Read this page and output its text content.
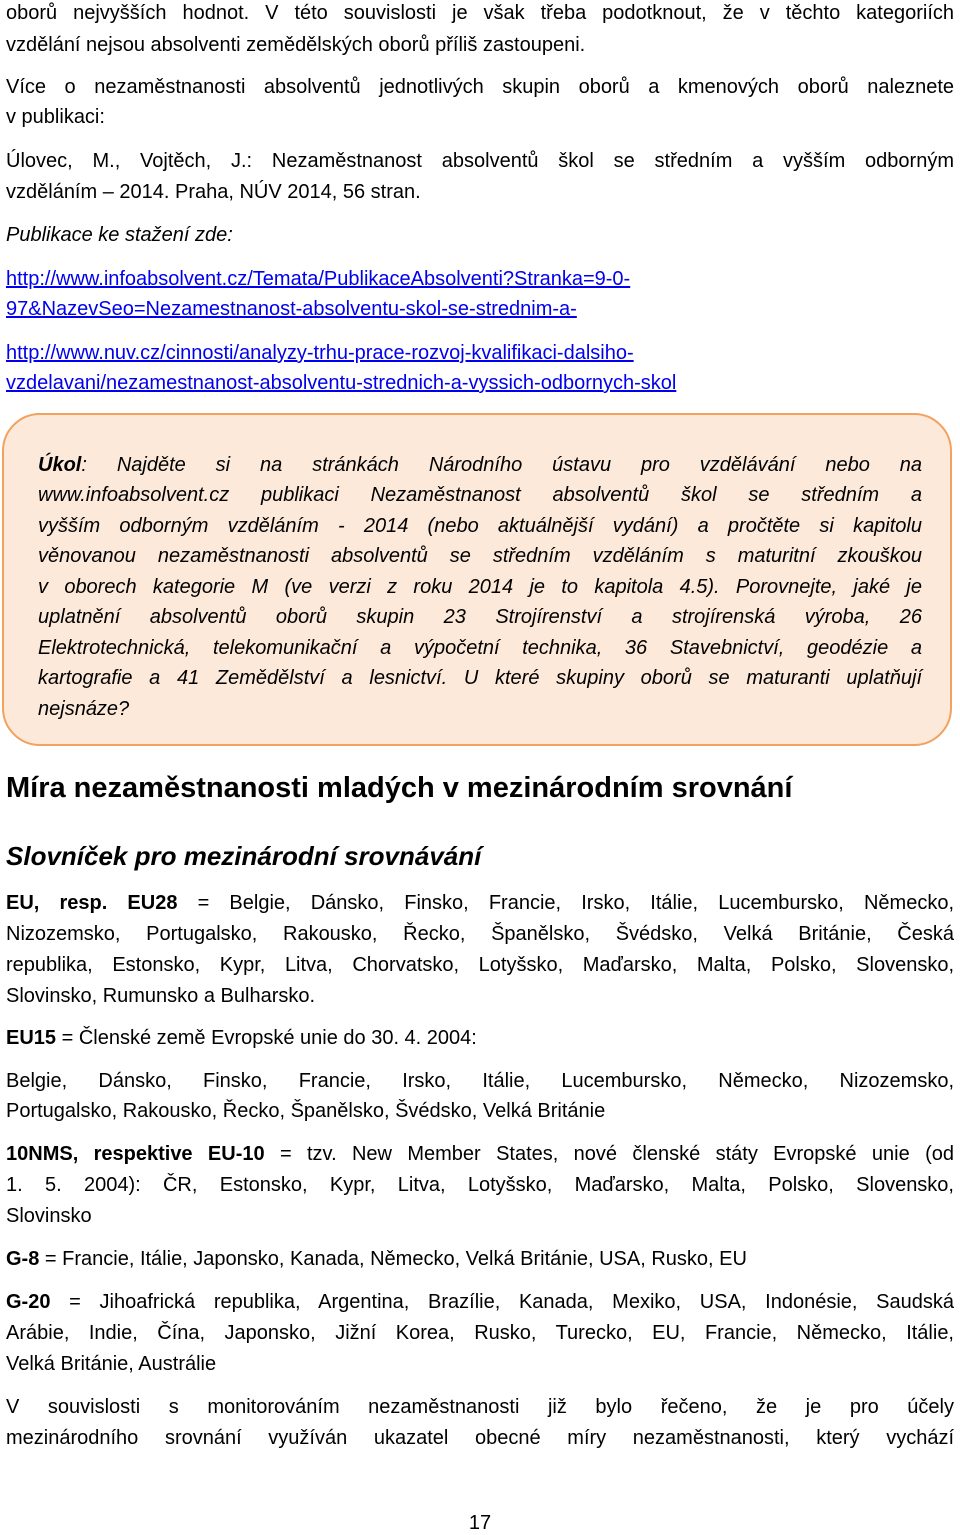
oborů nejvyšších hodnot. V této souvislosti je však třeba podotknout, že v těchto kategoriích
vzdělání nejsou absolventi zemědělských oborů příliš zastoupeni.
Více o nezaměstnanosti absolventů jednotlivých skupin oborů a kmenových oborů naleznete
v publikaci:
Úlovec, M., Vojtěch, J.: Nezaměstnanost absolventů škol se středním a vyšším odborným
vzděláním – 2014. Praha, NÚV 2014, 56 stran.
Publikace ke stažení zde:
http://www.infoabsolvent.cz/Temata/PublikaceAbsolventi?Stranka=9-0-
97&NazevSeo=Nezamestnanost-absolventu-skol-se-strednim-a-
http://www.nuv.cz/cinnosti/analyzy-trhu-prace-rozvoj-kvalifikaci-dalsiho-
vzdelavani/nezamestnanost-absolventu-strednich-a-vyssich-odbornych-skol
Úkol: Najděte si na stránkách Národního ústavu pro vzdělávání nebo na
www.infoabsolvent.cz publikaci Nezaměstnanost absolventů škol se středním a
vyšším odborným vzděláním - 2014 (nebo aktuálnější vydání) a pročtěte si kapitolu
věnovanou nezaměstnanosti absolventů se středním vzděláním s maturitní zkouškou
v oborech kategorie M (ve verzi z roku 2014 je to kapitola 4.5). Porovnejte, jaké je
uplatnění absolventů oborů skupin 23 Strojírenství a strojírenská výroba, 26
Elektrotechnická, telekomunikační a výpočetní technika, 36 Stavebnictví, geodézie a
kartografie a 41 Zemědělství a lesnictví. U které skupiny oborů se maturanti uplatňují
nejsnáze?
Míra nezaměstnanosti mladých v mezinárodním srovnání
Slovníček pro mezinárodní srovnávání
EU, resp. EU28 = Belgie, Dánsko, Finsko, Francie, Irsko, Itálie, Lucembursko, Německo,
Nizozemsko, Portugalsko, Rakousko, Řecko, Španělsko, Švédsko, Velká Británie, Česká
republika, Estonsko, Kypr, Litva, Chorvatsko, Lotyšsko, Maďarsko, Malta, Polsko, Slovensko,
Slovinsko, Rumunsko a Bulharsko.
EU15 = Členské země Evropské unie do 30. 4. 2004:
Belgie, Dánsko, Finsko, Francie, Irsko, Itálie, Lucembursko, Německo, Nizozemsko,
Portugalsko, Rakousko, Řecko, Španělsko, Švédsko, Velká Británie
10NMS, respektive EU-10 = tzv. New Member States, nové členské státy Evropské unie (od
1. 5. 2004): ČR, Estonsko, Kypr, Litva, Lotyšsko, Maďarsko, Malta, Polsko, Slovensko,
Slovinsko
G-8 = Francie, Itálie, Japonsko, Kanada, Německo, Velká Británie, USA, Rusko, EU
G-20 = Jihoafrická republika, Argentina, Brazílie, Kanada, Mexiko, USA, Indonésie, Saudská
Arábie, Indie, Čína, Japonsko, Jižní Korea, Rusko, Turecko, EU, Francie, Německo, Itálie,
Velká Británie, Austrálie
V souvislosti s monitorováním nezaměstnanosti již bylo řečeno, že je pro účely
mezinárodního srovnání využíván ukazatel obecné míry nezaměstnanosti, který vychází
17
